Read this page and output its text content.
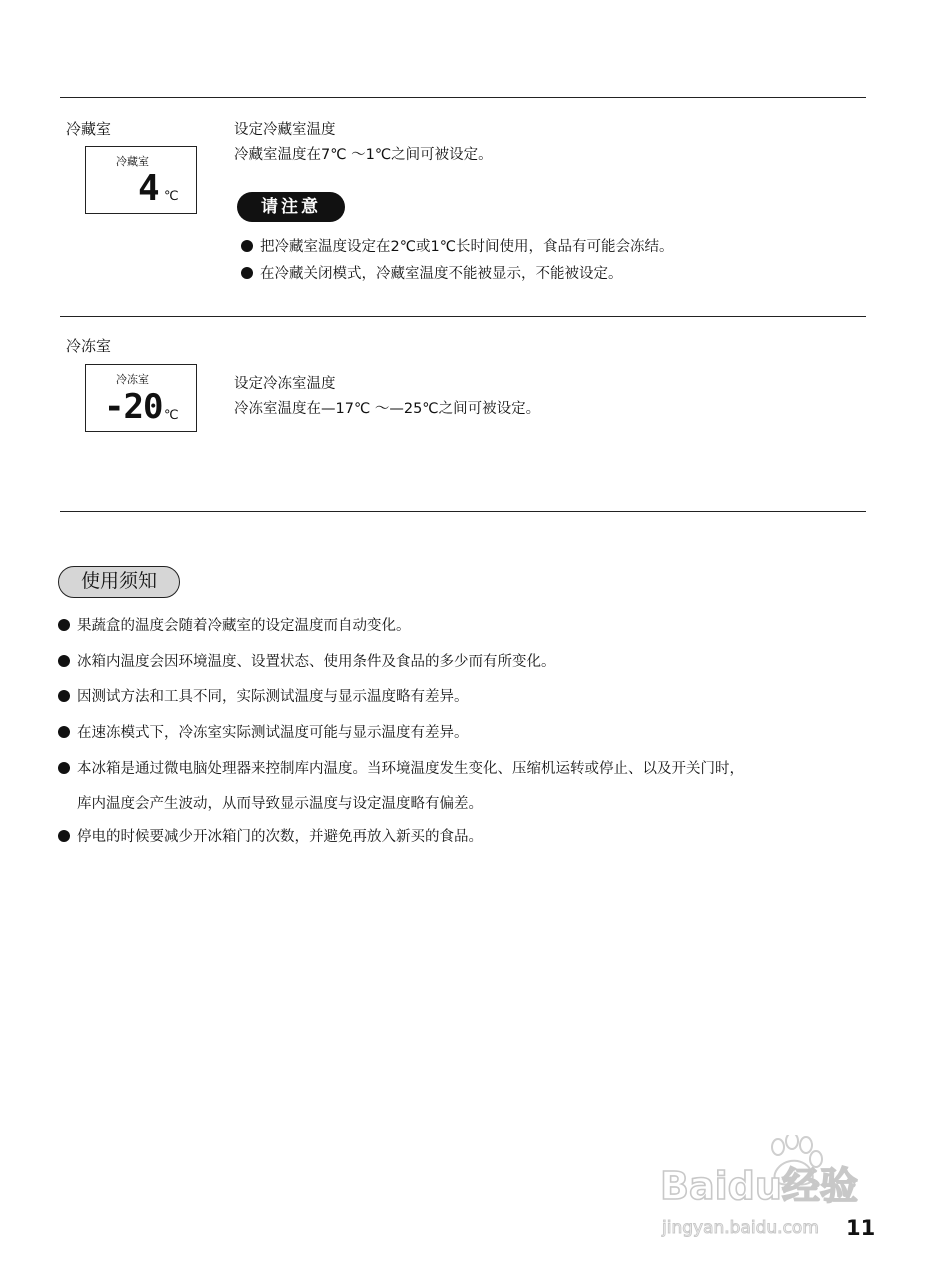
冷藏室
冷藏室
4 ℃
设定冷藏室温度
冷藏室温度在7℃ ～1℃之间可被设定。
请注意
把冷藏室温度设定在2℃或1℃长时间使用，食品有可能会冻结。
在冷藏关闭模式，冷藏室温度不能被显示，不能被设定。
冷冻室
冷冻室
-20 ℃
设定冷冻室温度
冷冻室温度在—17℃ ～—25℃之间可被设定。
使用须知
果蔬盒的温度会随着冷藏室的设定温度而自动变化。
冰箱内温度会因环境温度、设置状态、使用条件及食品的多少而有所变化。
因测试方法和工具不同，实际测试温度与显示温度略有差异。
在速冻模式下，冷冻室实际测试温度可能与显示温度有差异。
本冰箱是通过微电脑处理器来控制库内温度。当环境温度发生变化、压缩机运转或停止、以及开关门时，
库内温度会产生波动，从而导致显示温度与设定温度略有偏差。
停电的时候要减少开冰箱门的次数，并避免再放入新买的食品。
Baidu经验
jingyan.baidu.com 11
